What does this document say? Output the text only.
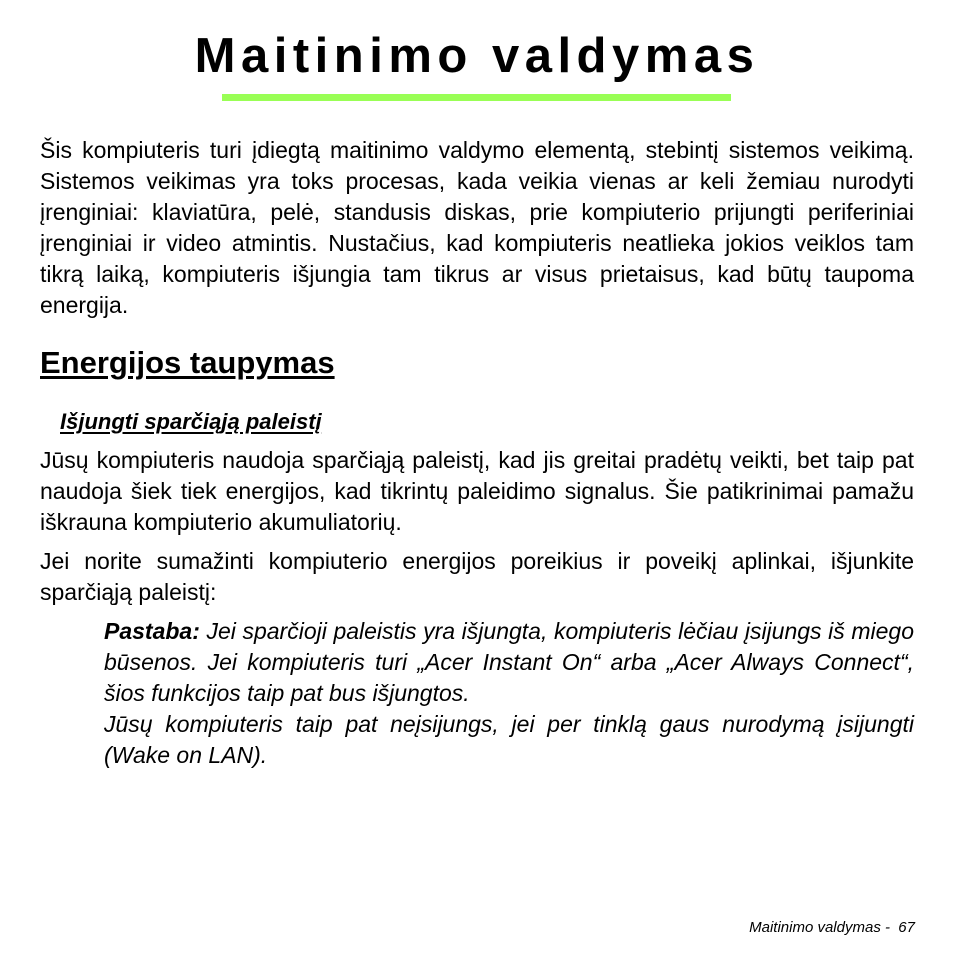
Maitinimo valdymas

Šis kompiuteris turi įdiegtą maitinimo valdymo elementą, stebintį sistemos veikimą. Sistemos veikimas yra toks procesas, kada veikia vienas ar keli žemiau nurodyti įrenginiai: klaviatūra, pelė, standusis diskas, prie kompiuterio prijungti periferiniai įrenginiai ir video atmintis. Nustačius, kad kompiuteris neatlieka jokios veiklos tam tikrą laiką, kompiuteris išjungia tam tikrus ar visus prietaisus, kad būtų taupoma energija.

Energijos taupymas
Išjungti sparčiąją paleistį

Jūsų kompiuteris naudoja sparčiąją paleistį, kad jis greitai pradėtų veikti, bet taip pat naudoja šiek tiek energijos, kad tikrintų paleidimo signalus. Šie patikrinimai pamažu iškrauna kompiuterio akumuliatorių.

Jei norite sumažinti kompiuterio energijos poreikius ir poveikį aplinkai, išjunkite sparčiąją paleistį:

Pastaba: Jei sparčioji paleistis yra išjungta, kompiuteris lėčiau įsijungs iš miego būsenos. Jei kompiuteris turi „Acer Instant On“ arba „Acer Always Connect“, šios funkcijos taip pat bus išjungtos.

Jūsų kompiuteris taip pat neįsijungs, jei per tinklą gaus nurodymą įsijungti (Wake on LAN).

Maitinimo valdymas -  67
